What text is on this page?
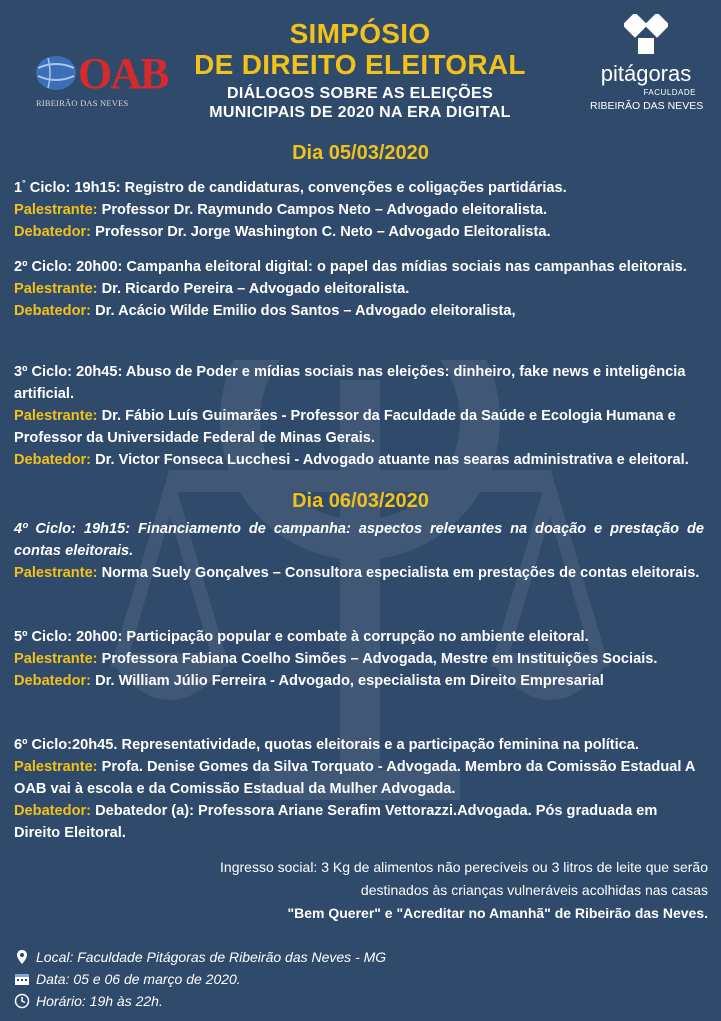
OAB
RIBEIRÃO DAS NEVES
SIMPÓSIO
DE DIREITO ELEITORAL
DIÁLOGOS SOBRE AS ELEIÇÕES
MUNICIPAIS DE 2020 NA ERA DIGITAL
pitágoras
FACULDADE
RIBEIRÃO DAS NEVES
Dia 05/03/2020

1° Ciclo: 19h15: Registro de candidaturas, convenções e coligações partidárias.

Palestrante: Professor Dr. Raymundo Campos Neto – Advogado eleitoralista.

Debatedor: Professor Dr. Jorge Washington C. Neto – Advogado Eleitoralista.

2º Ciclo: 20h00: Campanha eleitoral digital: o papel das mídias sociais nas campanhas eleitorais.

Palestrante: Dr. Ricardo Pereira – Advogado eleitoralista.

Debatedor: Dr. Acácio Wilde Emilio dos Santos – Advogado eleitoralista,

3º Ciclo: 20h45: Abuso de Poder e mídias sociais nas eleições: dinheiro, fake news e inteligência artificial.

Palestrante: Dr. Fábio Luís Guimarães - Professor da Faculdade da Saúde e Ecologia Humana e Professor da Universidade Federal de Minas Gerais.

Debatedor: Dr. Victor Fonseca Lucchesi - Advogado atuante nas searas administrativa e eleitoral.

Dia 06/03/2020

4º Ciclo: 19h15: Financiamento de campanha: aspectos relevantes na doação e prestação de contas eleitorais.

Palestrante: Norma Suely Gonçalves – Consultora especialista em prestações de contas eleitorais.

5º Ciclo: 20h00: Participação popular e combate à corrupção no ambiente eleitoral.

Palestrante: Professora Fabiana Coelho Simões – Advogada, Mestre em Instituições Sociais.

Debatedor: Dr. William Júlio Ferreira - Advogado, especialista em Direito Empresarial

6º Ciclo:20h45. Representatividade, quotas eleitorais e a participação feminina na política.

Palestrante: Profa. Denise Gomes da Silva Torquato - Advogada. Membro da Comissão Estadual A OAB vai à escola e da Comissão Estadual da Mulher Advogada.

Debatedor: Debatedor (a): Professora Ariane Serafim Vettorazzi.Advogada. Pós graduada em Direito Eleitoral.

Ingresso social: 3 Kg de alimentos não perecíveis ou 3 litros de leite que serão
destinados às crianças vulneráveis acolhidas nas casas
"Bem Querer" e "Acreditar no Amanhã" de Ribeirão das Neves.
Local: Faculdade Pitágoras de Ribeirão das Neves - MG
Data: 05 e 06 de março de 2020.
Horário: 19h às 22h.
